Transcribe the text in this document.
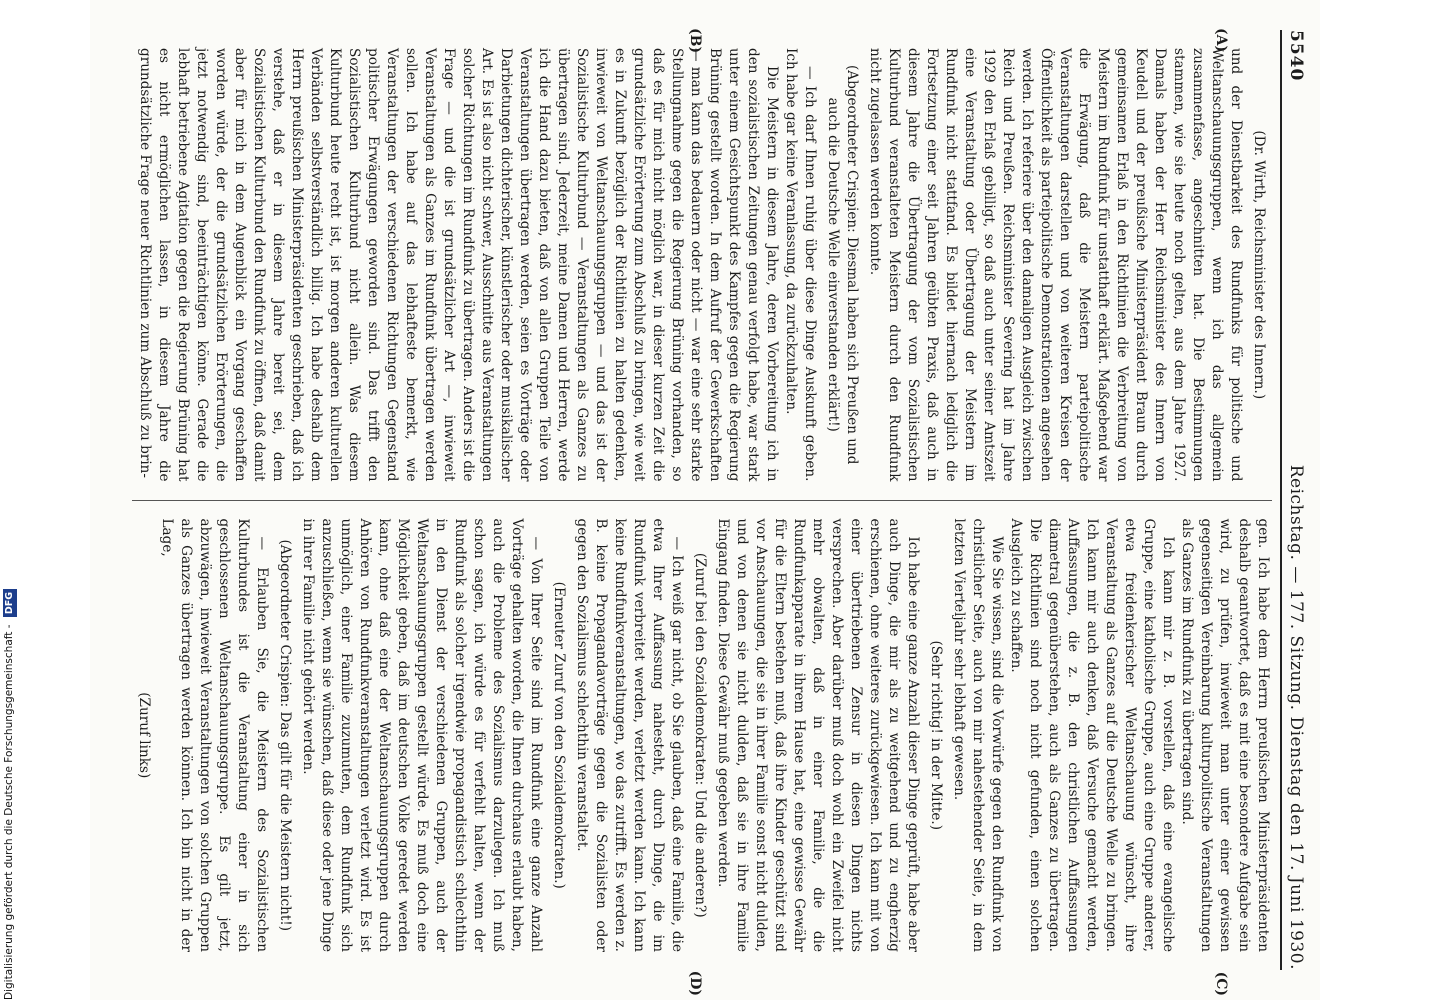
Digitalisierung gefördert durch die Deutsche Forschungsgemeinschaft - DFG
5540
Reichstag. — 177. Sitzung. Dienstag den 17. Juni 1930.
(A)
(B)

(Dr. Wirth, Reichsminister des Innern.)

und der Dienstbarkeit des Rundfunks für politische und Weltanschauungsgruppen, wenn ich das allgemein zusammenfasse, angeschnitten hat. Die Bestimmungen stammen, wie sie heute noch gelten, aus dem Jahre 1927. Damals haben der Herr Reichsminister des Innern von Keudell und der preußische Ministerpräsident Braun durch gemeinsamen Erlaß in den Richtlinien die Verbreitung von Meistern im Rundfunk für unstatthaft erklärt. Maßgebend war die Erwägung, daß die Meistern parteipolitische Veranstaltungen darstellen und von weiteren Kreisen der Öffentlichkeit als parteipolitische Demonstrationen angesehen werden. Ich referiere über den damaligen Ausgleich zwischen Reich und Preußen. Reichsminister Severing hat im Jahre 1929 den Erlaß gebilligt, so daß auch unter seiner Amtszeit eine Veranstaltung oder Übertragung der Meistern im Rundfunk nicht stattfand. Es bildet hiernach lediglich die Fortsetzung einer seit Jahren geübten Praxis, daß auch in diesem Jahre die Übertragung der vom Sozialistischen Kulturbund veranstalteten Meistern durch den Rundfunk nicht zugelassen werden konnte.

(Abgeordneter Crispien: Diesmal haben sich Preußen und auch die Deutsche Welle einverstanden erklärt!)

— Ich darf Ihnen ruhig über diese Dinge Auskunft geben. Ich habe gar keine Veranlassung, da zurückzuhalten.

Die Meistern in diesem Jahre, deren Vorbereitung ich in den sozialistischen Zeitungen genau verfolgt habe, war stark unter einem Gesichtspunkt des Kampfes gegen die Regierung Brüning gestellt worden. In dem Aufruf der Gewerkschaften — man kann das bedauern oder nicht — war eine sehr starke Stellungnahme gegen die Regierung Brüning vorhanden, so daß es für mich nicht möglich war, in dieser kurzen Zeit die grundsätzliche Erörterung zum Abschluß zu bringen, wie weit es in Zukunft bezüglich der Richtlinien zu halten gedenken, inwieweit von Weltanschauungsgruppen — und das ist der Sozialistische Kulturbund — Veranstaltungen als Ganzes zu übertragen sind. Jederzeit, meine Damen und Herren, werde ich die Hand dazu bieten, daß von allen Gruppen Teile von Veranstaltungen übertragen werden, seien es Vorträge oder Darbietungen dichterischer, künstlerischer oder musikalischer Art. Es ist also nicht schwer, Ausschnitte aus Veranstaltungen solcher Richtungen im Rundfunk zu übertragen. Anders ist die Frage — und die ist grundsätzlicher Art —, inwieweit Veranstaltungen als Ganzes im Rundfunk übertragen werden sollen. Ich habe auf das lebhafteste bemerkt, wie Veranstaltungen der verschiedenen Richtungen Gegenstand politischer Erwägungen geworden sind. Das trifft den Sozialistischen Kulturbund nicht allein. Was diesem Kulturbund heute recht ist, ist morgen anderen kulturellen Verbänden selbstverständlich billig. Ich habe deshalb dem Herrn preußischen Ministerpräsidenten geschrieben, daß ich verstehe, daß er in diesem Jahre bereit sei, dem Sozialistischen Kulturbund den Rundfunk zu öffnen, daß damit aber für mich in dem Augenblick ein Vorgang geschaffen worden würde, der die grundsätzlichen Erörterungen, die jetzt notwendig sind, beeinträchtigen könne. Gerade die lebhaft betriebene Agitation gegen die Regierung Brüning hat es nicht ermöglichen lassen, in diesem Jahre die grundsätzliche Frage neuer Richtlinien zum Abschluß zu brin-

(C)
(D)

gen. Ich habe dem Herrn preußischen Ministerpräsidenten deshalb geantwortet, daß es mit eine besondere Aufgabe sein wird, zu prüfen, inwieweit man unter einer gewissen gegenseitigen Vereinbarung kulturpolitische Veranstaltungen als Ganzes im Rundfunk zu übertragen sind.

Ich kann mir z. B. vorstellen, daß eine evangelische Gruppe, eine katholische Gruppe, auch eine Gruppe anderer, etwa freidenkerischer Weltanschauung wünscht, ihre Veranstaltung als Ganzes auf die Deutsche Welle zu bringen. Ich kann mir auch denken, daß Versuche gemacht werden, Auffassungen, die z. B. den christlichen Auffassungen diametral gegenüberstehen, auch als Ganzes zu übertragen. Die Richtlinien sind noch nicht gefunden, einen solchen Ausgleich zu schaffen.

Wie Sie wissen, sind die Vorwürfe gegen den Rundfunk von christlicher Seite, auch von mir nahestehender Seite, in dem letzten Vierteljahr sehr lebhaft gewesen.

(Sehr richtig! in der Mitte.)

Ich habe eine ganze Anzahl dieser Dinge geprüft, habe aber auch Dinge, die mir als zu weitgehend und zu engherzig erschienen, ohne weiteres zurückgewiesen. Ich kann mit von einer übertriebenen Zensur in diesen Dingen nichts versprechen. Aber darüber muß doch wohl ein Zweifel nicht mehr obwalten, daß in einer Familie, die die Rundfunkapparate in ihrem Hause hat, eine gewisse Gewähr für die Eltern bestehen muß, daß ihre Kinder geschützt sind vor Anschauungen, die sie in ihrer Familie sonst nicht dulden, und von denen sie nicht dulden, daß sie in ihre Familie Eingang finden. Diese Gewähr muß gegeben werden.

(Zuruf bei den Sozialdemokraten: Und die anderen?)

— Ich weiß gar nicht, ob Sie glauben, daß eine Familie, die etwa Ihrer Auffassung nahesteht, durch Dinge, die im Rundfunk verbreitet werden, verletzt werden kann. Ich kann keine Rundfunkveranstaltungen, wo das zutrifft. Es werden z. B. keine Propagandavorträge gegen die Sozialisten oder gegen den Sozialismus schlechthin veranstaltet.

(Erneuter Zuruf von den Sozialdemokraten.)

— Von Ihrer Seite sind im Rundfunk eine ganze Anzahl Vorträge gehalten worden, die Ihnen durchaus erlaubt haben, auch die Probleme des Sozialismus darzulegen. Ich muß schon sagen, ich würde es für verfehlt halten, wenn der Rundfunk als solcher irgendwie propagandistisch schlechthin in den Dienst der verschiedenen Gruppen, auch der Weltanschauungsgruppen gestellt würde. Es muß doch eine Möglichkeit geben, daß im deutschen Volke geredet werden kann, ohne daß eine der Weltanschauungsgruppen durch Anhören von Rundfunkveranstaltungen verletzt wird. Es ist unmöglich, einer Familie zuzumuten, dem Rundfunk sich anzuschließen, wenn sie wünschen, daß diese oder jene Dinge in ihrer Familie nicht gehört werden.

(Abgeordneter Crispien: Das gilt für die Meistern nicht!)

— Erlauben Sie, die Meistern des Sozialistischen Kulturbundes ist die Veranstaltung einer in sich geschlossenen Weltanschauungsgruppe. Es gilt jetzt, abzuwägen, inwieweit Veranstaltungen von solchen Gruppen als Ganzes übertragen werden können. Ich bin nicht in der Lage,

(Zuruf links)
